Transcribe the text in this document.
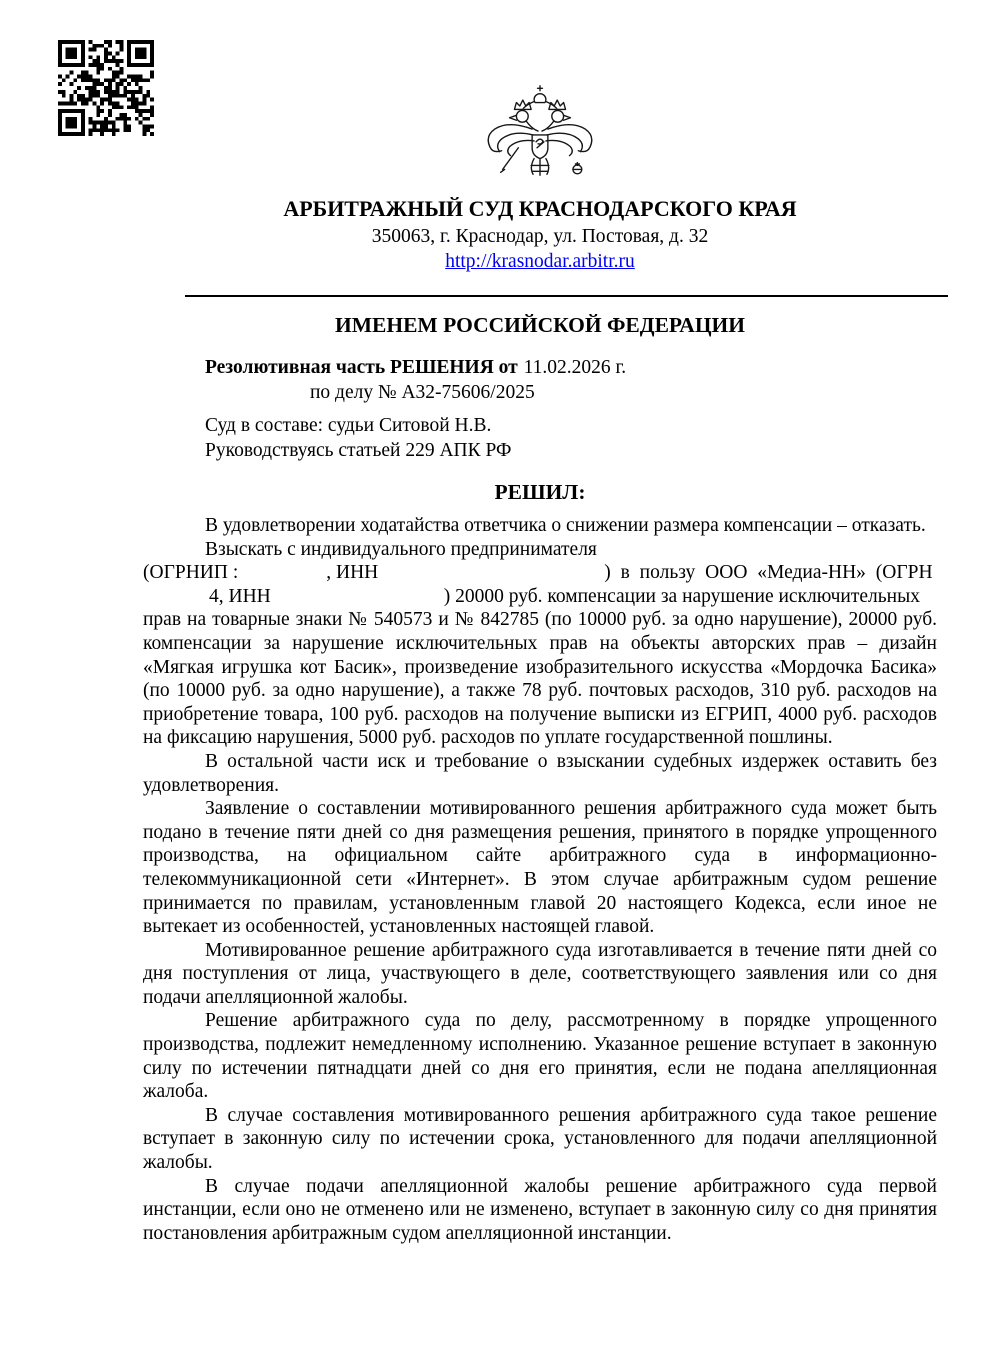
АРБИТРАЖНЫЙ СУД КРАСНОДАРСКОГО КРАЯ
350063, г. Краснодар, ул. Постовая, д. 32
http://krasnodar.arbitr.ru
ИМЕНЕМ РОССИЙСКОЙ ФЕДЕРАЦИИ
Резолютивная часть РЕШЕНИЯ от 11.02.2026 г.
по делу № А32-75606/2025
Суд в составе: судьи Ситовой Н.В.
Руководствуясь статьей 229 АПК РФ
РЕШИЛ:

В удовлетворении ходатайства ответчика о снижении размера компенсации – отказать.

Взыскать с индивидуального предпринимателя
(ОГРНИП :	, ИНН	) в пользу ООО «Медиа-НН» (ОГРН
4, ИНН	) 20000 руб. компенсации за нарушение исключительных

прав на товарные знаки № 540573 и № 842785 (по 10000 руб. за одно нарушение), 20000 руб. компенсации за нарушение исключительных прав на объекты авторских прав – дизайн «Мягкая игрушка кот Басик», произведение изобразительного искусства «Мордочка Басика» (по 10000 руб. за одно нарушение), а также 78 руб. почтовых расходов, 310 руб. расходов на приобретение товара, 100 руб. расходов на получение выписки из ЕГРИП, 4000 руб. расходов на фиксацию нарушения, 5000 руб. расходов по уплате государственной пошлины.

В остальной части иск и требование о взыскании судебных издержек оставить без удовлетворения.

Заявление о составлении мотивированного решения арбитражного суда может быть подано в течение пяти дней со дня размещения решения, принятого в порядке упрощенного производства, на официальном сайте арбитражного суда в информационно-телекоммуникационной сети «Интернет». В этом случае арбитражным судом решение принимается по правилам, установленным главой 20 настоящего Кодекса, если иное не вытекает из особенностей, установленных настоящей главой.

Мотивированное решение арбитражного суда изготавливается в течение пяти дней со дня поступления от лица, участвующего в деле, соответствующего заявления или со дня подачи апелляционной жалобы.

Решение арбитражного суда по делу, рассмотренному в порядке упрощенного производства, подлежит немедленному исполнению. Указанное решение вступает в законную силу по истечении пятнадцати дней со дня его принятия, если не подана апелляционная жалоба.

В случае составления мотивированного решения арбитражного суда такое решение вступает в законную силу по истечении срока, установленного для подачи апелляционной жалобы.

В случае подачи апелляционной жалобы решение арбитражного суда первой инстанции, если оно не отменено или не изменено, вступает в законную силу со дня принятия постановления арбитражным судом апелляционной инстанции.
